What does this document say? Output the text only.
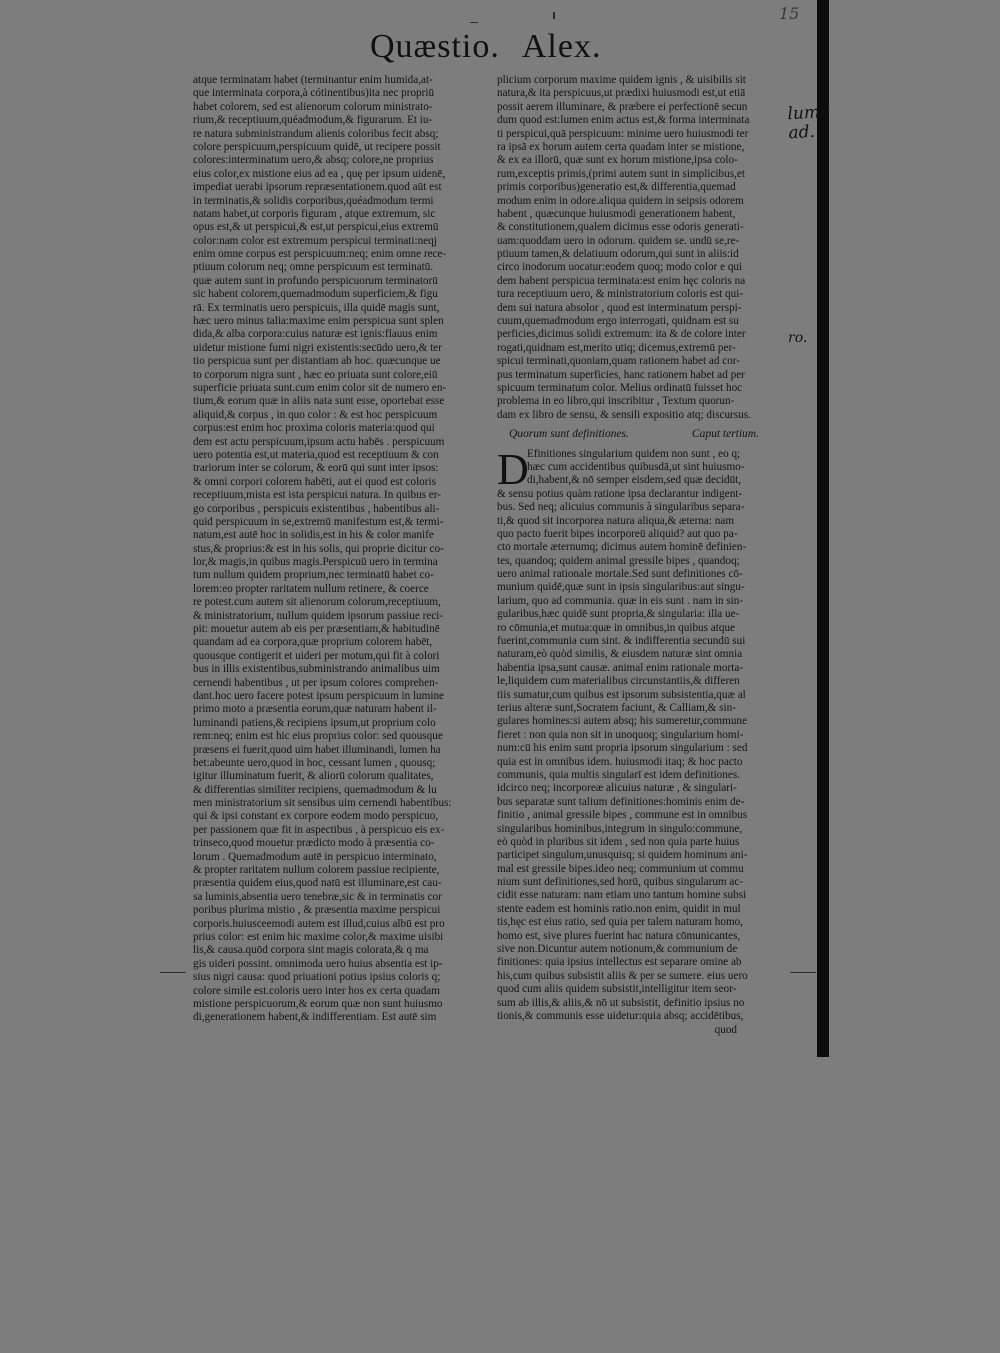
15
Quæstio. Alex.
atque terminatam habet (terminantur enim humida,at-
que interminata corpora,à cótinentibus)ita nec propriū
habet colorem, sed est alienorum colorum ministrato-
rium,& receptiuum,quéadmodum,& figurarum. Et iu-
re natura subministrandum alienis coloribus fecit absq;
colore perspicuum,perspicuum quidē, ut recipere possit
colores:interminatum uero,& absq; colore,ne proprius
eius color,ex mistione eius ad ea , quę per ipsum uidenē,
impediat uerabi ipsorum repræsentationem.quod aūt est
in terminatis,& solidis corporibus,quéadmodum termi
natam habet,ut corporis figuram , atque extremum, sic
opus est,& ut perspicui,& est,ut perspicui,eius extremū
color:nam color est extremum perspicui terminati:neqj
enim omne corpus est perspicuum:neq; enim omne rece-
ptiuum colorum neq; omne perspicuum est terminatū.
quæ autem sunt in profundo perspicuorum terminatorū
sic habent colorem,quemadmodum superficiem,& figu
rā. Ex terminatis uero perspicuis, illa quidē magis sunt,
hæc uero minus talia:maxime enim perspicua sunt splen
dida,& alba corpora:cuius naturæ est ignis:flauus enim
uidetur mistione fumi nigri existentis:secūdo uero,& ter
tio perspicua sunt per distantiam ab hoc. quæcunque ue
to corporum nigra sunt , hæc eo priuata sunt colore,eiū
superficie priuata sunt.cum enim color sit de numero en-
tium,& eorum quæ in aliis nata sunt esse, oportebat esse
aliquid,& corpus , in quo color : & est hoc perspicuum
corpus:est enim hoc proxima coloris materia:quod qui
dem est actu perspicuum,ipsum actu habēs . perspicuum
uero potentia est,ut materia,quod est receptiuum & con
trariorum inter se colorum, & eorū qui sunt inter ipsos:
& omni corpori colorem habēti, aut ei quod est coloris
receptiuum,mista est ista perspicui natura. In quibus er-
go corporibus , perspicuis existentibus , habentibus ali-
quid perspicuum in se,extremū manifestum est,& termi-
natum,est autē hoc in solidis,est in his & color manife
stus,& proprius:& est in his solis, qui proprie dicitur co-
lor,& magis,in quibus magis.Perspicuū uero in termina
tum nullum quidem proprium,nec terminatū habet co-
lorem:eo propter raritatem nullum retinere, & coerce
re potest.cum autem sit alienorum colorum,receptiuum,
& ministratorium, nullum quidem ipsorum passiue reci-
pit: mouetur autem ab eis per præsentiam,& habitudinē
quandam ad ea corpora,quæ proprium colorem habēt,
quousque contigerit et uideri per motum,qui fit à colori
bus in illis existentibus,subministrando animalibus uim
cernendi habentibus , ut per ipsum colores comprehen-
dant.hoc uero facere potest ipsum perspicuum in lumine
primo moto a præsentia eorum,quæ naturam habent il-
luminandi patiens,& recipiens ipsum,ut proprium colo
rem:neq; enim est hic eius proprius color: sed quousque
præsens ei fuerit,quod uim habet illuminandi, lumen ha
bet:abeunte uero,quod in hoc, cessant lumen , quousq;
igitur illuminatum fuerit, & aliorū colorum qualitates,
& differentias similiter recipiens, quemadmodum & lu
men ministratorium sit sensibus uim cernendi habentibus:
qui & ipsi constant ex corpore eodem modo perspicuo,
per passionem quæ fit in aspectibus , à perspicuo eis ex-
trinseco,quod mouetur prædicto modo à præsentia co-
lorum . Quemadmodum autē in perspicuo interminato,
& propter raritatem nullum colorem passiue recipiente,
præsentia quidem eius,quod natū est illuminare,est cau-
sa luminis,absentia uero tenebræ,sic & in terminatis cor
poribus plurima mistio , & præsentia maxime perspicui
corporis.huiusceemodi autem est illud,cuius albū est pro
prius color: est enim hic maxime color,& maxime uisibi
lis,& causa.quōd corpora sint magis colorata,& q ma
gis uideri possint. omnimoda uero huius absentia est ip-
sius nigri causa: quod priuationi potius ipsius coloris q;
colore simile est.coloris uero inter hos ex certa quadam
mistione perspicuorum,& eorum quæ non sunt huiusmo
di,generationem habent,& indifferentiam. Est autē sim
plicium corporum maxime quidem ignis , & uisibilis sit
natura,& ita perspicuus,ut prædixi huiusmodi est,ut etiā
possit aerem illuminare, & præbere ei perfectionē secun
dum quod est:lumen enim actus est,& forma interminata
ti perspicui,quā perspicuum: minime uero huiusmodi ter
ra ipsā ex horum autem certa quadam inter se mistione,
& ex ea illorū, quæ sunt ex horum mistione,ipsa colo-
rum,exceptis primis,(primi autem sunt in simplicibus,et
primis corporibus)generatio est,& differentia,quemad
modum enim in odore.aliqua quidem in seipsis odorem
habent , quæcunque huiusmodi generationem habent,
& constitutionem,qualem dicimus esse odoris generati-
uam:quoddam uero in odorum. quidem se. undū se,re-
ptiuum tamen,& delatiuum odorum,qui sunt in aliis:id
circo inodorum uocatur:eodem quoq; modo color e qui
dem habent perspicua terminata:est enim hęc coloris na
tura receptiuum uero, & ministratorium coloris est qui-
dem sui natura absolor , quod est interminatum perspi-
cuum,quemadmodum ergo interrogati, quidnam est su
perficies,dicimus solidi extremum: ita & de colore inter
rogati,quidnam est,merito utiq; dicemus,extremū per-
spicui terminati,quoniam,quam rationem habet ad cor-
pus terminatum superficies, hanc rationem habet ad per
spicuum terminatum color. Melius ordinatū fuisset hoc
problema in eo libro,qui inscribitur , Textum quorun-
dam ex libro de sensu, & sensili expositio atq; discursus.
Quorum sunt definitiones.	Caput tertium.
D
Efinitiones singularium quidem non sunt , eo q;
hæc cum accidentibus quibusdā,ut sint huiusmo-
di,habent,& nō semper eisdem,sed quæ decidūt,
& sensu potius quàm ratione ipsa declarantur indigent-
bus. Sed neq; alicuius communis à singularibus separa-
ti,& quod sit incorporea natura aliqua,& æterna: nam
quo pacto fuerit bipes incorporeū aliquid? aut quo pa-
cto mortale æternumq; dicimus autem hominē definien-
tes, quandoq; quidem animal gressile bipes , quandoq;
uero animal rationale mortale.Sed sunt definitiones cō-
munium quidē,quæ sunt in ipsis singularibus:aut singu-
larium, quo ad communia. quæ in eis sunt . nam in sin-
gularibus,hæc quidē sunt propria,& singularia: illa ue-
ro cōmunia,et mutua:quæ in omnibus,in quibus atque
fuerint,communia cum sint. & indifferentia secundū sui
naturam,eò quòd similis, & eiusdem naturæ sint omnia
habentia ipsa,sunt causæ. animal enim rationale morta-
le,liquidem cum materialibus circunstantiis,& differen
tiis sumatur,cum quibus est ipsorum subsistentia,quæ al
terius alteræ sunt,Socratem faciunt, & Calliam,& sin-
gulares homines:si autem absq; his sumeretur,commune
fieret : non quia non sit in unoquoq; singularium homi-
num:cū his enim sunt propria ipsorum singularium : sed
quia est in omnibus idem. huiusmodi itaq; & hoc pacto
communis, quia multis singularī est idem definitiones.
idcirco neq; incorporeæ alicuius naturæ , & singulari-
bus separatæ sunt talium definitiones:hominis enim de-
finitio , animal gressile bipes , commune est in omnibus
singularibus hominibus,integrum in singulo:commune,
eò quòd in pluribus sit idem , sed non quia parte huius
participet singulum,unusquisq; si quidem hominum ani-
mal est gressile bipes.ideo neq; communium ut commu
nium sunt definitiones,sed horū, quibus singularum ac-
cidit esse naturam: nam etiam uno tantum homine subsi
stente eadem est hominis ratio.non enim, quidit in mul
tis,hęc est eius ratio, sed quia per talem naturam homo,
homo est, sive plures fuerint hac natura cōmunicantes,
sive non.Dicuntur autem notionum,& communium de
finitiones: quia ipsius intellectus est separare omine ab
his,cum quibus subsistit aliis & per se sumere. eius uero
quod cum aliis quidem subsistit,intelligitur item seor-
sum ab illis,& aliis,& nō ut subsistit, definitio ipsius no
tionis,& communis esse uidetur:quia absq; accidētibus,
quod
lume
ad.
ro.
